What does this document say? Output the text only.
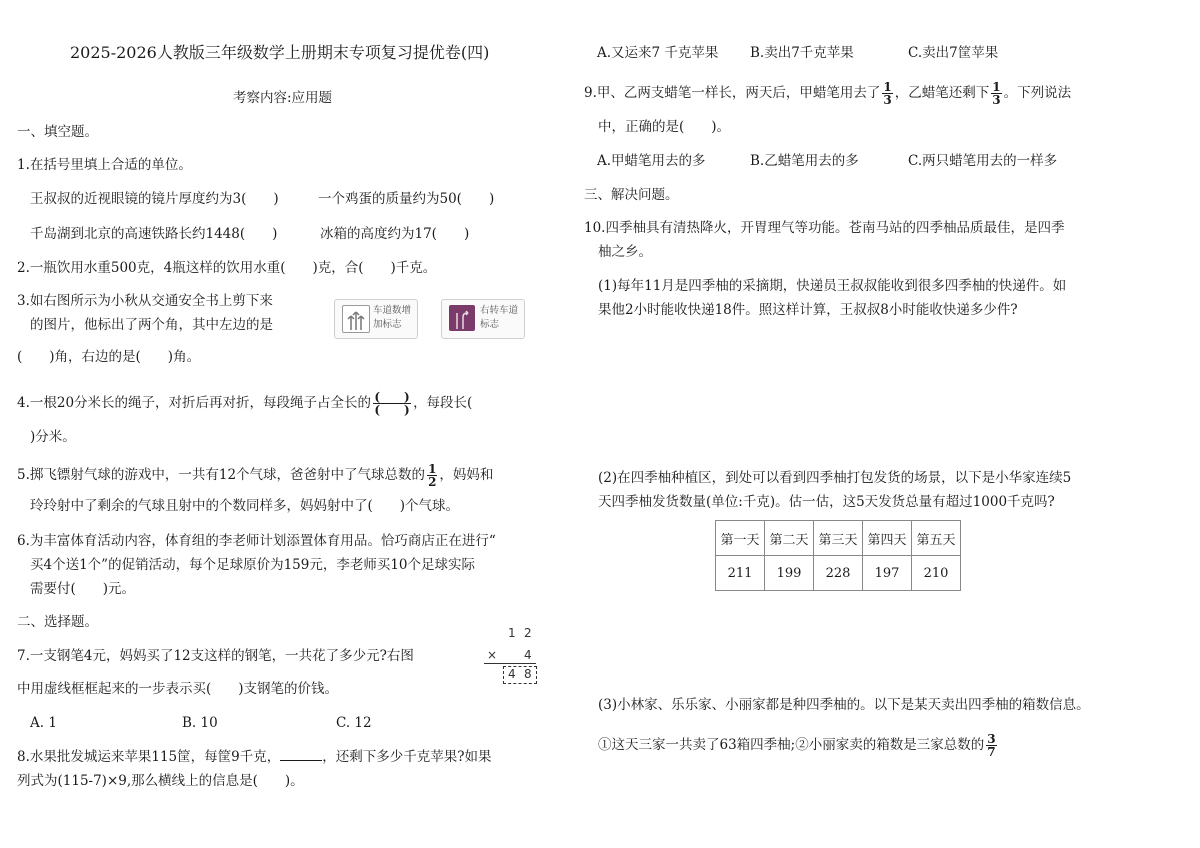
2025-2026人教版三年级数学上册期末专项复习提优卷(四)
考察内容:应用题
一、填空题。
1.在括号里填上合适的单位。
王叔叔的近视眼镜的镜片厚度约为3(　　)	一个鸡蛋的质量约为50(　　)
千岛湖到北京的高速铁路长约1448(　　)	冰箱的高度约为17(　　)
2.一瓶饮用水重500克，4瓶这样的饮用水重(　　)克，合(　　)千克。
3.如右图所示为小秋从交通安全书上剪下来
的图片，他标出了两个角，其中左边的是
(　　)角，右边的是(　　)角。
车道数增
加标志
右转车道
标志
4.一根20分米长的绳子，对折后再对折，每段绳子占全长的 $\frac{( )}{( )}$ ，每段长(
)分米。
5.掷飞镖射气球的游戏中，一共有12个气球，爸爸射中了气球总数的 $\frac{1}{2}$ ，妈妈和
玲玲射中了剩余的气球且射中的个数同样多，妈妈射中了(　　)个气球。
6.为丰富体育活动内容，体育组的李老师计划添置体育用品。恰巧商店正在进行“
买4个送1个”的促销活动，每个足球原价为159元，李老师买10个足球实际
需要付(　　)元。
二、选择题。
7.一支钢笔4元，妈妈买了12支这样的钢笔，一共花了多少元?右图
中用虚线框框起来的一步表示买(　　)支钢笔的价钱。
1 2
× 4
4 8
A. 1	B. 10	C. 12
8.水果批发城运来苹果115筐，每筐9千克，	，还剩下多少千克苹果?如果
列式为(115-7)×9,那么横线上的信息是(　　)。
A.又运来7 千克苹果 B.卖出7千克苹果	C.卖出7筐苹果
9.甲、乙两支蜡笔一样长，两天后，甲蜡笔用去了 $\frac{1}{3}$ ，乙蜡笔还剩下 $\frac{1}{3}$ 。下列说法
中，正确的是(　　)。
A.甲蜡笔用去的多	B.乙蜡笔用去的多	C.两只蜡笔用去的一样多
三、解决问题。
10.四季柚具有清热降火，开胃理气等功能。苍南马站的四季柚品质最佳，是四季
柚之乡。
(1)每年11月是四季柚的采摘期，快递员王叔叔能收到很多四季柚的快递件。如
果他2小时能收快递18件。照这样计算，王叔叔8小时能收快递多少件?
(2)在四季柚种植区，到处可以看到四季柚打包发货的场景，以下是小华家连续5
天四季柚发货数量(单位:千克)。估一估，这5天发货总量有超过1000千克吗?
第一天	第二天	第三天	第四天	第五天
211	199	228	197	210
(3)小林家、乐乐家、小丽家都是种四季柚的。以下是某天卖出四季柚的箱数信息。
①这天三家一共卖了63箱四季柚;②小丽家卖的箱数是三家总数的 $\frac{3}{7}$
